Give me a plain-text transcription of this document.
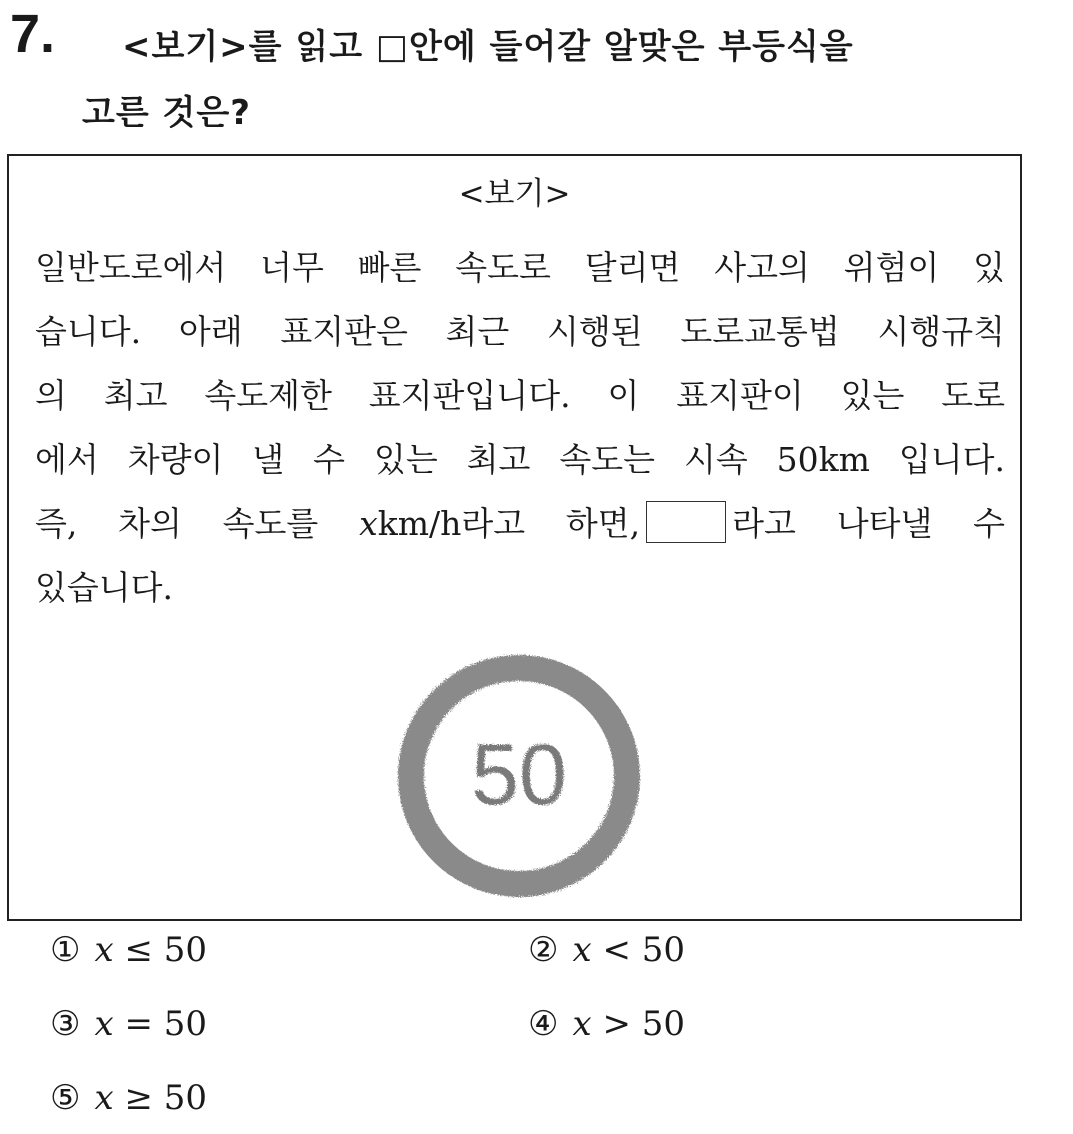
7.	<보기>를 읽고 □안에 들어갈 알맞은 부등식을
고른 것은?
<보기>
일반도로에서 너무 빠른 속도로 달리면 사고의 위험이 있
습니다. 아래 표지판은 최근 시행된 도로교통법 시행규칙
의 최고 속도제한 표지판입니다. 이 표지판이 있는 도로
에서 차량이 낼 수 있는 최고 속도는 시속 50km 입니다.
즉, 차의 속도를 xkm/h라고 하면,	라고 나타낼 수
있습니다.
50
① x ≤ 50	② x < 50
③ x = 50	④ x > 50
⑤ x ≥ 50
